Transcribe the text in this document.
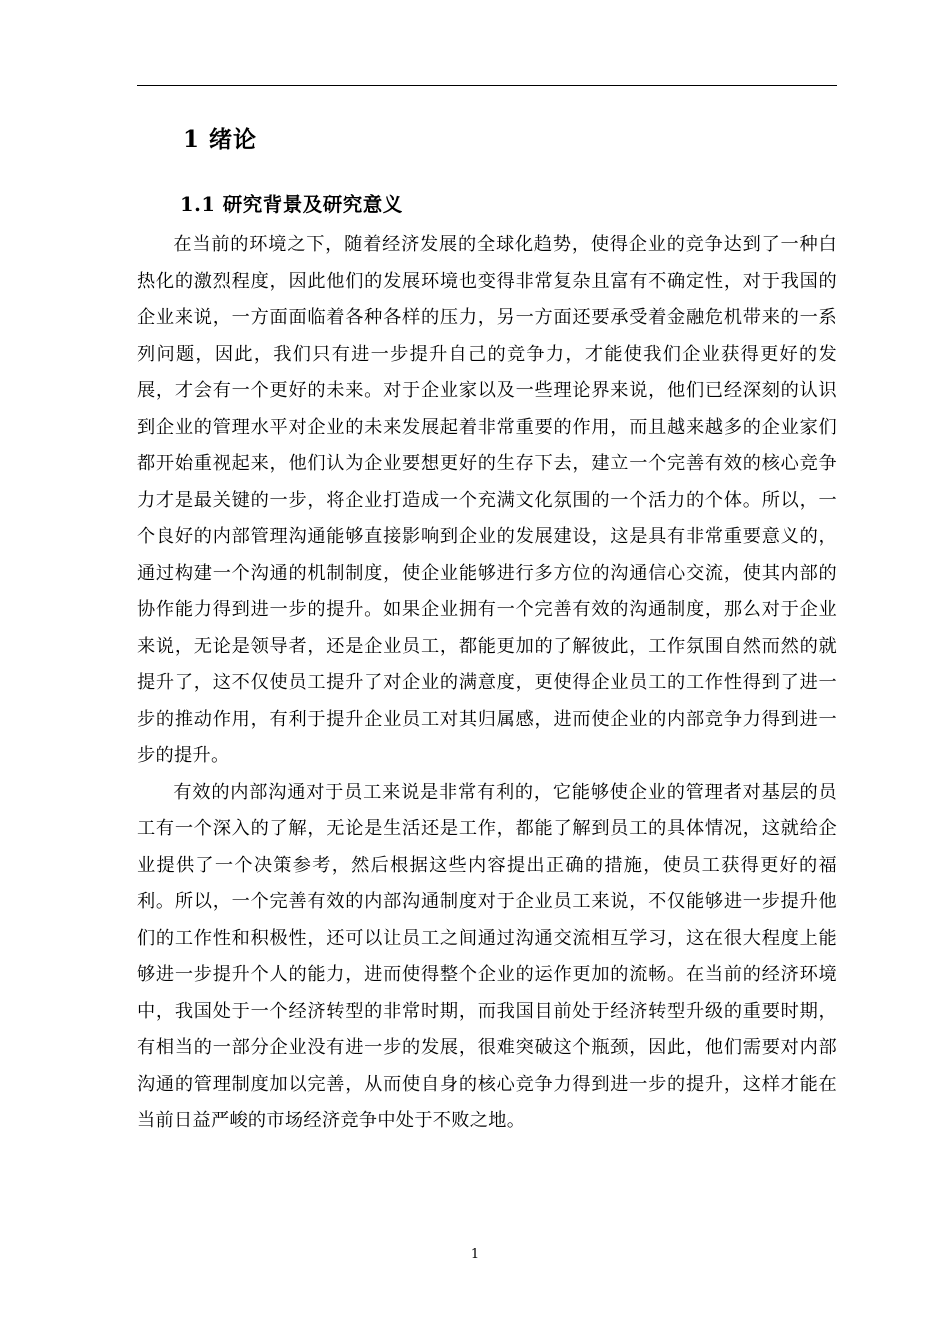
1 绪论
1.1 研究背景及研究意义

在当前的环境之下，随着经济发展的全球化趋势，使得企业的竞争达到了一种白热化的激烈程度，因此他们的发展环境也变得非常复杂且富有不确定性，对于我国的企业来说，一方面面临着各种各样的压力，另一方面还要承受着金融危机带来的一系列问题，因此，我们只有进一步提升自己的竞争力，才能使我们企业获得更好的发展，才会有一个更好的未来。对于企业家以及一些理论界来说，他们已经深刻的认识到企业的管理水平对企业的未来发展起着非常重要的作用，而且越来越多的企业家们都开始重视起来，他们认为企业要想更好的生存下去，建立一个完善有效的核心竞争力才是最关键的一步，将企业打造成一个充满文化氛围的一个活力的个体。所以，一个良好的内部管理沟通能够直接影响到企业的发展建设，这是具有非常重要意义的，通过构建一个沟通的机制制度，使企业能够进行多方位的沟通信心交流，使其内部的协作能力得到进一步的提升。如果企业拥有一个完善有效的沟通制度，那么对于企业来说，无论是领导者，还是企业员工，都能更加的了解彼此，工作氛围自然而然的就提升了，这不仅使员工提升了对企业的满意度，更使得企业员工的工作性得到了进一步的推动作用，有利于提升企业员工对其归属感，进而使企业的内部竞争力得到进一步的提升。

有效的内部沟通对于员工来说是非常有利的，它能够使企业的管理者对基层的员工有一个深入的了解，无论是生活还是工作，都能了解到员工的具体情况，这就给企业提供了一个决策参考，然后根据这些内容提出正确的措施，使员工获得更好的福利。所以，一个完善有效的内部沟通制度对于企业员工来说，不仅能够进一步提升他们的工作性和积极性，还可以让员工之间通过沟通交流相互学习，这在很大程度上能够进一步提升个人的能力，进而使得整个企业的运作更加的流畅。在当前的经济环境中，我国处于一个经济转型的非常时期，而我国目前处于经济转型升级的重要时期，有相当的一部分企业没有进一步的发展，很难突破这个瓶颈，因此，他们需要对内部沟通的管理制度加以完善，从而使自身的核心竞争力得到进一步的提升，这样才能在当前日益严峻的市场经济竞争中处于不败之地。

1
